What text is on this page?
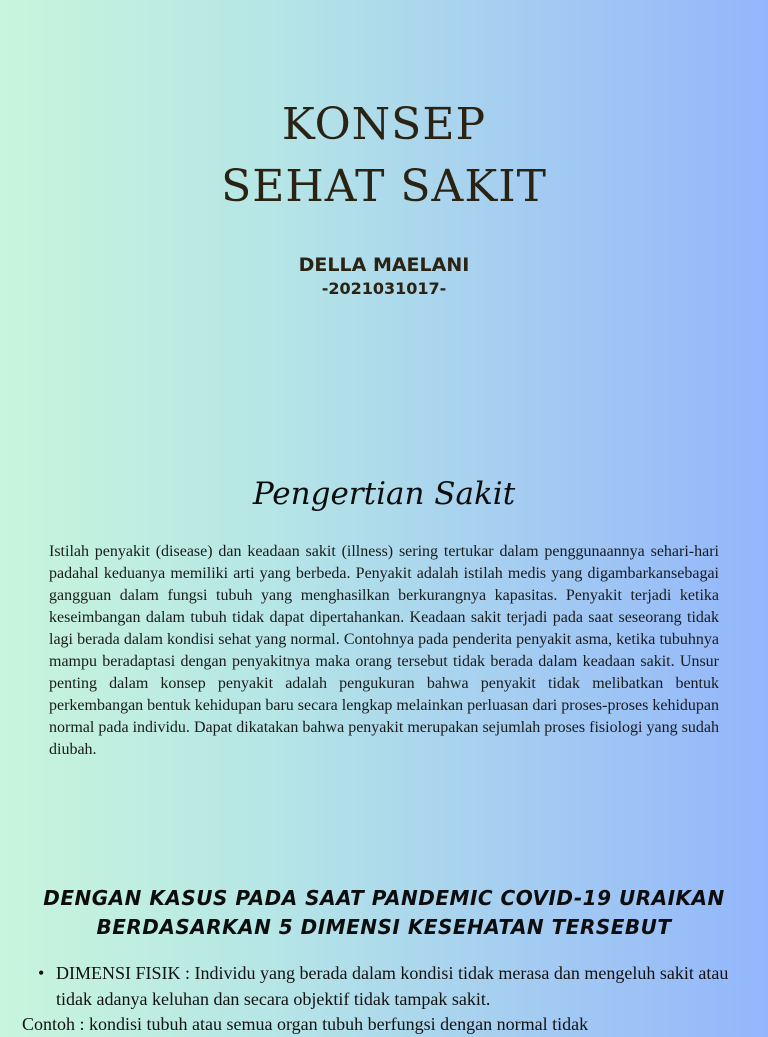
KONSEP
SEHAT SAKIT
DELLA MAELANI
-2021031017-
Pengertian Sakit

Istilah penyakit (disease) dan keadaan sakit (illness) sering tertukar dalam penggunaannya sehari-hari padahal keduanya memiliki arti yang berbeda. Penyakit adalah istilah medis yang digambarkansebagai gangguan dalam fungsi tubuh yang menghasilkan berkurangnya kapasitas. Penyakit terjadi ketika keseimbangan dalam tubuh tidak dapat dipertahankan. Keadaan sakit terjadi pada saat seseorang tidak lagi berada dalam kondisi sehat yang normal. Contohnya pada penderita penyakit asma, ketika tubuhnya mampu beradaptasi dengan penyakitnya maka orang tersebut tidak berada dalam keadaan sakit. Unsur penting dalam konsep penyakit adalah pengukuran bahwa penyakit tidak melibatkan bentuk perkembangan bentuk kehidupan baru secara lengkap melainkan perluasan dari proses-proses kehidupan normal pada individu. Dapat dikatakan bahwa penyakit merupakan sejumlah proses fisiologi yang sudah diubah.

DENGAN KASUS PADA SAAT PANDEMIC COVID-19 URAIKAN
BERDASARKAN 5 DIMENSI KESEHATAN TERSEBUT
• DIMENSI FISIK : Individu yang berada dalam kondisi tidak merasa dan mengeluh sakit atau tidak adanya keluhan dan secara objektif tidak tampak sakit.
Contoh : kondisi tubuh atau semua organ tubuh berfungsi dengan normal tidak
